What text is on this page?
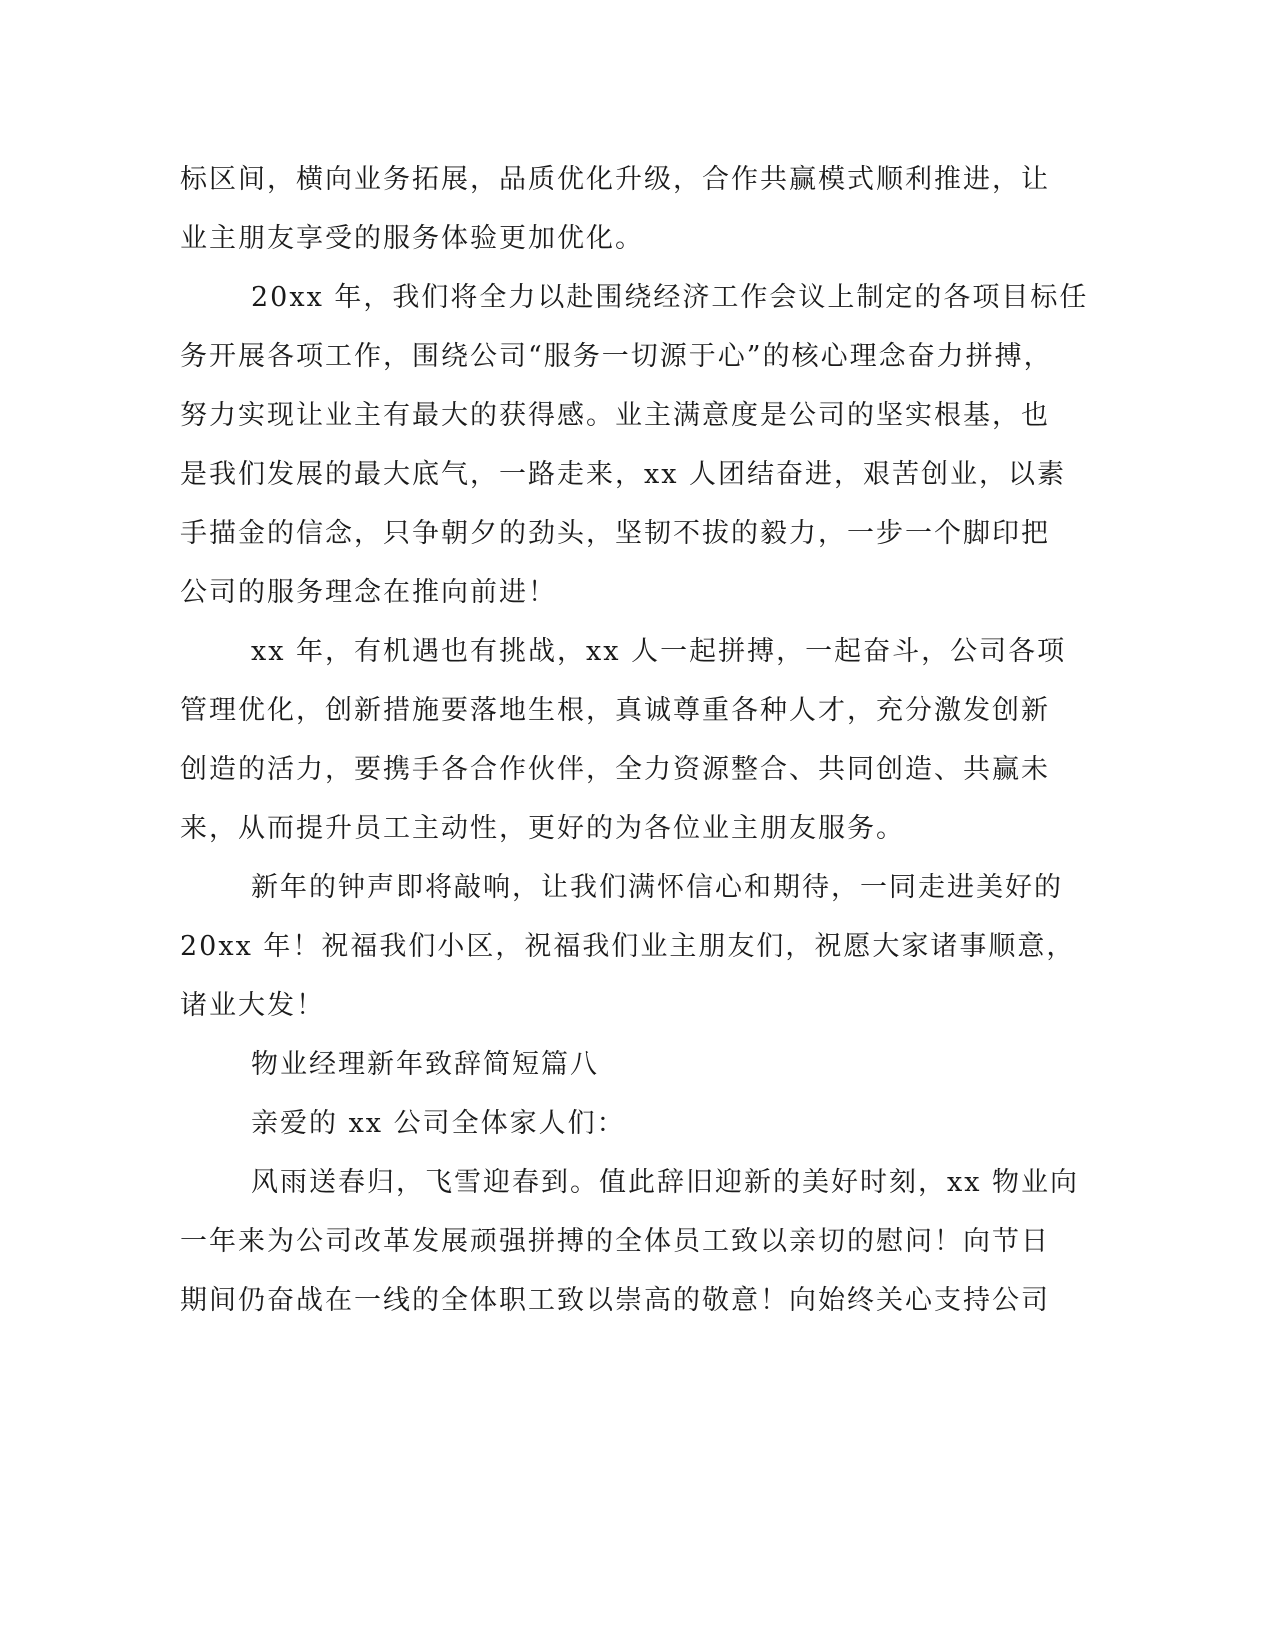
标区间，横向业务拓展，品质优化升级，合作共赢模式顺利推进，让
业主朋友享受的服务体验更加优化。
20xx 年，我们将全力以赴围绕经济工作会议上制定的各项目标任
务开展各项工作，围绕公司“服务一切源于心”的核心理念奋力拼搏，
努力实现让业主有最大的获得感。业主满意度是公司的坚实根基，也
是我们发展的最大底气，一路走来，xx 人团结奋进，艰苦创业，以素
手描金的信念，只争朝夕的劲头，坚韧不拔的毅力，一步一个脚印把
公司的服务理念在推向前进！
xx 年，有机遇也有挑战，xx 人一起拼搏，一起奋斗，公司各项
管理优化，创新措施要落地生根，真诚尊重各种人才，充分激发创新
创造的活力，要携手各合作伙伴，全力资源整合、共同创造、共赢未
来，从而提升员工主动性，更好的为各位业主朋友服务。
新年的钟声即将敲响，让我们满怀信心和期待，一同走进美好的
20xx 年！祝福我们小区，祝福我们业主朋友们，祝愿大家诸事顺意，
诸业大发！
物业经理新年致辞简短篇八
亲爱的 xx 公司全体家人们：
风雨送春归，飞雪迎春到。值此辞旧迎新的美好时刻，xx 物业向
一年来为公司改革发展顽强拼搏的全体员工致以亲切的慰问！向节日
期间仍奋战在一线的全体职工致以崇高的敬意！向始终关心支持公司
